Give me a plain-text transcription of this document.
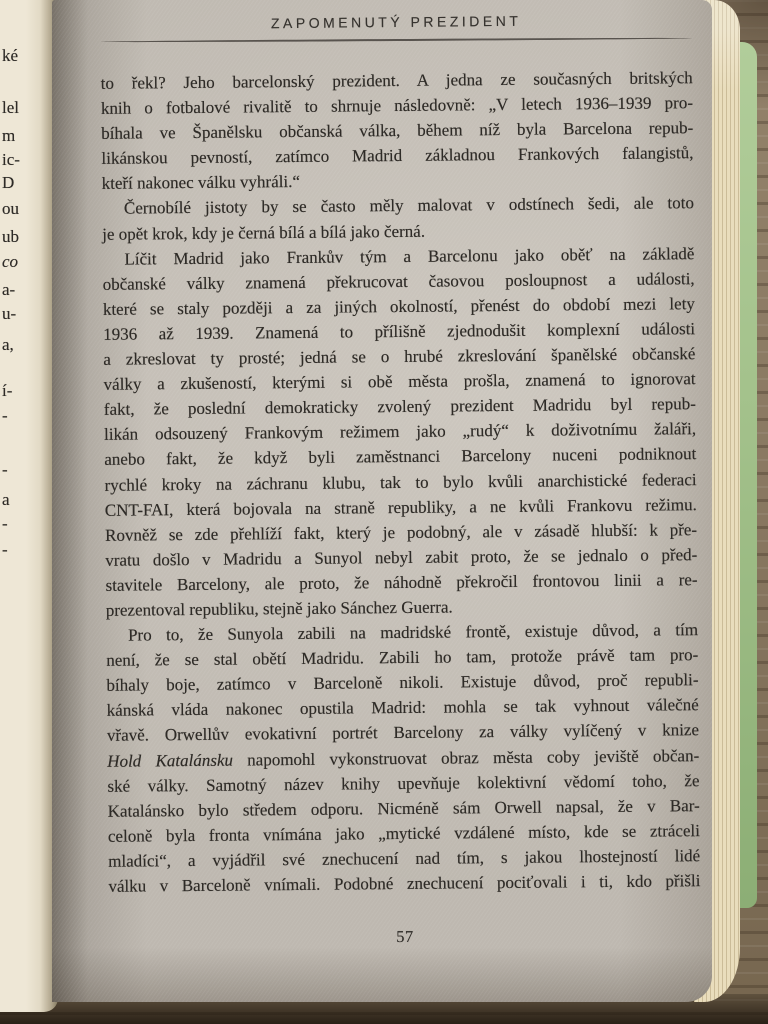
ké
lel
m
ic-
D
ou
ub
co
a-
u-
a,
í-
-
-
a
-
-
ZAPOMENUTÝ PREZIDENT
to řekl? Jeho barcelonský prezident. A jedna ze současných britských
knih o fotbalové rivalitě to shrnuje následovně: „V letech 1936–1939 pro-
bíhala ve Španělsku občanská válka, během níž byla Barcelona repub-
likánskou pevností, zatímco Madrid základnou Frankových falangistů,
kteří nakonec válku vyhráli.“
Černobílé jistoty by se často měly malovat v odstínech šedi, ale toto
je opět krok, kdy je černá bílá a bílá jako černá.
Líčit Madrid jako Frankův tým a Barcelonu jako oběť na základě
občanské války znamená překrucovat časovou posloupnost a události,
které se staly později a za jiných okolností, přenést do období mezi lety
1936 až 1939. Znamená to přílišně zjednodušit komplexní události
a zkreslovat ty prosté; jedná se o hrubé zkreslování španělské občanské
války a zkušeností, kterými si obě města prošla, znamená to ignorovat
fakt, že poslední demokraticky zvolený prezident Madridu byl repub-
likán odsouzený Frankovým režimem jako „rudý“ k doživotnímu žaláři,
anebo fakt, že když byli zaměstnanci Barcelony nuceni podniknout
rychlé kroky na záchranu klubu, tak to bylo kvůli anarchistické federaci
CNT-FAI, která bojovala na straně republiky, a ne kvůli Frankovu režimu.
Rovněž se zde přehlíží fakt, který je podobný, ale v zásadě hlubší: k pře-
vratu došlo v Madridu a Sunyol nebyl zabit proto, že se jednalo o před-
stavitele Barcelony, ale proto, že náhodně překročil frontovou linii a re-
prezentoval republiku, stejně jako Sánchez Guerra.
Pro to, že Sunyola zabili na madridské frontě, existuje důvod, a tím
není, že se stal obětí Madridu. Zabili ho tam, protože právě tam pro-
bíhaly boje, zatímco v Barceloně nikoli. Existuje důvod, proč republi-
kánská vláda nakonec opustila Madrid: mohla se tak vyhnout válečné
vřavě. Orwellův evokativní portrét Barcelony za války vylíčený v knize
Hold Katalánsku napomohl vykonstruovat obraz města coby jeviště občan-
ské války. Samotný název knihy upevňuje kolektivní vědomí toho, že
Katalánsko bylo středem odporu. Nicméně sám Orwell napsal, že v Bar-
celoně byla fronta vnímána jako „mytické vzdálené místo, kde se ztráceli
mladíci“, a vyjádřil své znechucení nad tím, s jakou lhostejností lidé
válku v Barceloně vnímali. Podobné znechucení pociťovali i ti, kdo přišli
57
